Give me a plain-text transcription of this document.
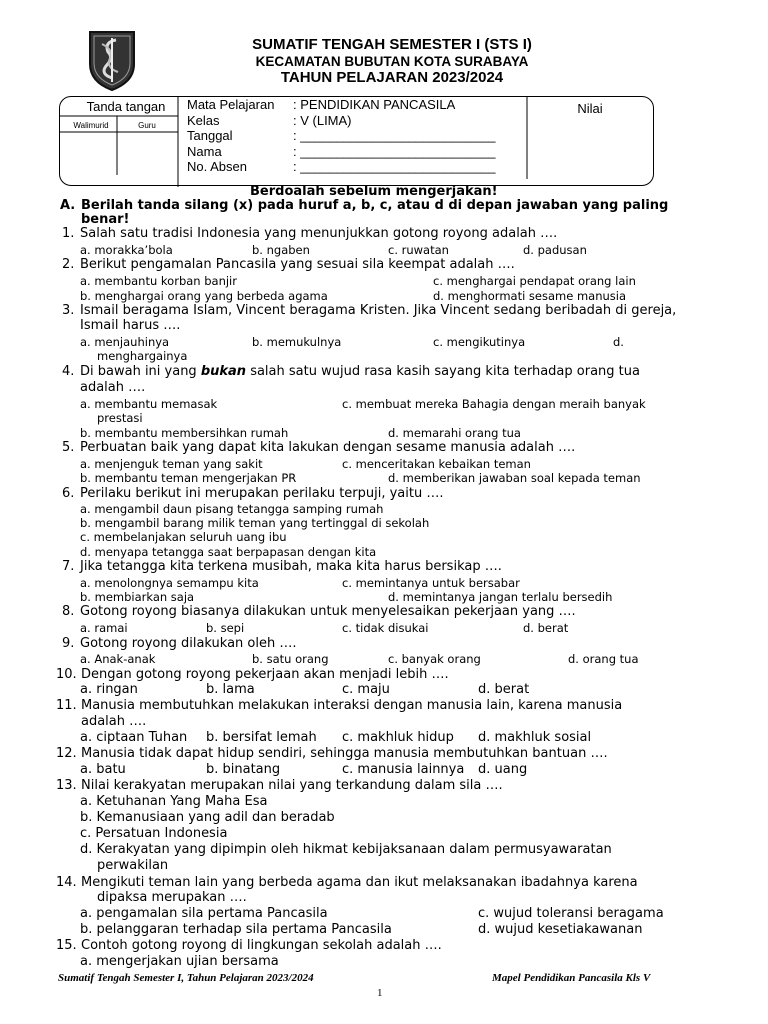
SUMATIF TENGAH SEMESTER I (STS I)
KECAMATAN BUBUTAN KOTA SURABAYA
TAHUN PELAJARAN 2023/2024
Tanda tangan
Walimurid	Guru
Nilai
Mata Pelajaran : PENDIDIKAN PANCASILA
Kelas	: V (LIMA)
Tanggal	: ___________________________
Nama	: ___________________________
No. Absen	: ___________________________
Berdoalah sebelum mengerjakan!
A. Berilah tanda silang (x) pada huruf a, b, c, atau d di depan jawaban yang paling
benar!
1. Salah satu tradisi Indonesia yang menunjukkan gotong royong adalah ….
a. morakka’bola	b. ngaben	c. ruwatan	d. padusan
2. Berikut pengamalan Pancasila yang sesuai sila keempat adalah ….
a. membantu korban banjir	c. menghargai pendapat orang lain
b. menghargai orang yang berbeda agama	d. menghormati sesame manusia
3. Ismail beragama Islam, Vincent beragama Kristen. Jika Vincent sedang beribadah di gereja,
Ismail harus ….
a. menjauhinya	b. memukulnya	c. mengikutinya	d.
menghargainya
4. Di bawah ini yang bukan salah satu wujud rasa kasih sayang kita terhadap orang tua
adalah ….
a. membantu memasak	c. membuat mereka Bahagia dengan meraih banyak
prestasi
b. membantu membersihkan rumah	d. memarahi orang tua
5. Perbuatan baik yang dapat kita lakukan dengan sesame manusia adalah ….
a. menjenguk teman yang sakit	c. menceritakan kebaikan teman
b. membantu teman mengerjakan PR	d. memberikan jawaban soal kepada teman
6. Perilaku berikut ini merupakan perilaku terpuji, yaitu ….
a. mengambil daun pisang tetangga samping rumah
b. mengambil barang milik teman yang tertinggal di sekolah
c. membelanjakan seluruh uang ibu
d. menyapa tetangga saat berpapasan dengan kita
7. Jika tetangga kita terkena musibah, maka kita harus bersikap ….
a. menolongnya semampu kita	c. memintanya untuk bersabar
b. membiarkan saja	d. memintanya jangan terlalu bersedih
8. Gotong royong biasanya dilakukan untuk menyelesaikan pekerjaan yang ….
a. ramai	b. sepi	c. tidak disukai	d. berat
9. Gotong royong dilakukan oleh ….
a. Anak-anak	b. satu orang	c. banyak orang	d. orang tua
10. Dengan gotong royong pekerjaan akan menjadi lebih ….
a. ringan	b. lama	c. maju	d. berat
11. Manusia membutuhkan melakukan interaksi dengan manusia lain, karena manusia
adalah ….
a. ciptaan Tuhan b. bersifat lemah c. makhluk hidup d. makhluk sosial
12. Manusia tidak dapat hidup sendiri, sehingga manusia membutuhkan bantuan ….
a. batu	b. binatang	c. manusia lainnya d. uang
13. Nilai kerakyatan merupakan nilai yang terkandung dalam sila ….
a. Ketuhanan Yang Maha Esa
b. Kemanusiaan yang adil dan beradab
c. Persatuan Indonesia
d. Kerakyatan yang dipimpin oleh hikmat kebijaksanaan dalam permusyawaratan
perwakilan
14. Mengikuti teman lain yang berbeda agama dan ikut melaksanakan ibadahnya karena
dipaksa merupakan ….
a. pengamalan sila pertama Pancasila	c. wujud toleransi beragama
b. pelanggaran terhadap sila pertama Pancasila	d. wujud kesetiakawanan
15. Contoh gotong royong di lingkungan sekolah adalah ….
a. mengerjakan ujian bersama
Sumatif Tengah Semester I, Tahun Pelajaran 2023/2024	Mapel Pendidikan Pancasila Kls V
1
